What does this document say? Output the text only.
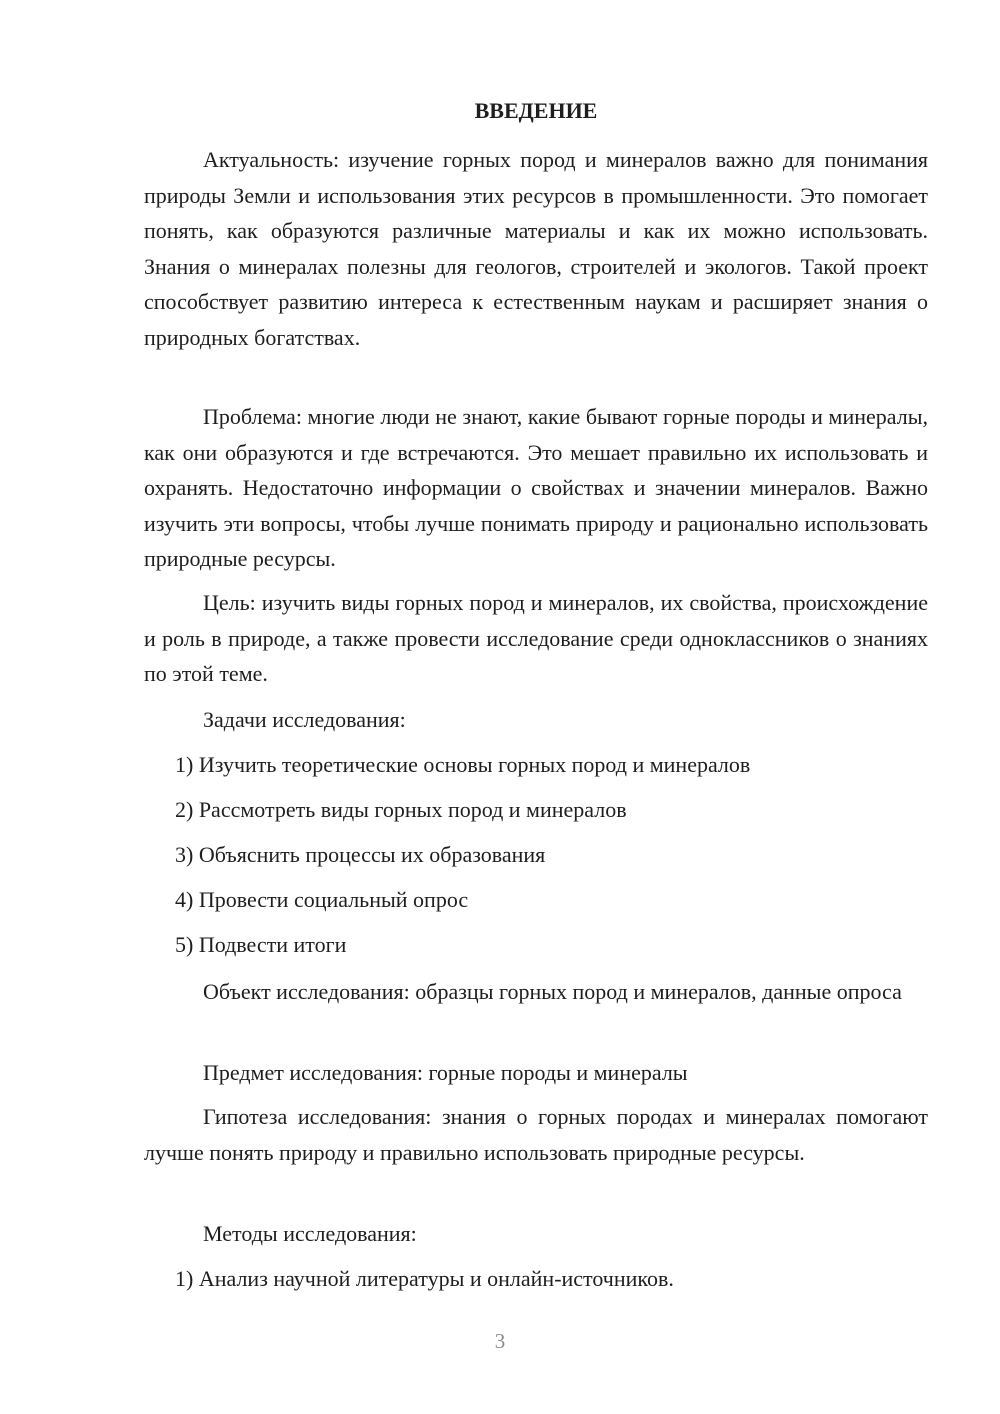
ВВЕДЕНИЕ

Актуальность: изучение горных пород и минералов важно для понимания природы Земли и использования этих ресурсов в промышленности. Это помогает понять, как образуются различные материалы и как их можно использовать. Знания о минералах полезны для геологов, строителей и экологов. Такой проект способствует развитию интереса к естественным наукам и расширяет знания о природных богатствах.

Проблема: многие люди не знают, какие бывают горные породы и минералы, как они образуются и где встречаются. Это мешает правильно их использовать и охранять. Недостаточно информации о свойствах и значении минералов. Важно изучить эти вопросы, чтобы лучше понимать природу и рационально использовать природные ресурсы.

Цель: изучить виды горных пород и минералов, их свойства, происхождение и роль в природе, а также провести исследование среди одноклассников о знаниях по этой теме.

Задачи исследования:

1) Изучить теоретические основы горных пород и минералов

2) Рассмотреть виды горных пород и минералов

3) Объяснить процессы их образования

4) Провести социальный опрос

5) Подвести итоги

Объект исследования: образцы горных пород и минералов, данные опроса

Предмет исследования: горные породы и минералы

Гипотеза исследования: знания о горных породах и минералах помогают лучше понять природу и правильно использовать природные ресурсы.

Методы исследования:

1) Анализ научной литературы и онлайн-источников.

3
